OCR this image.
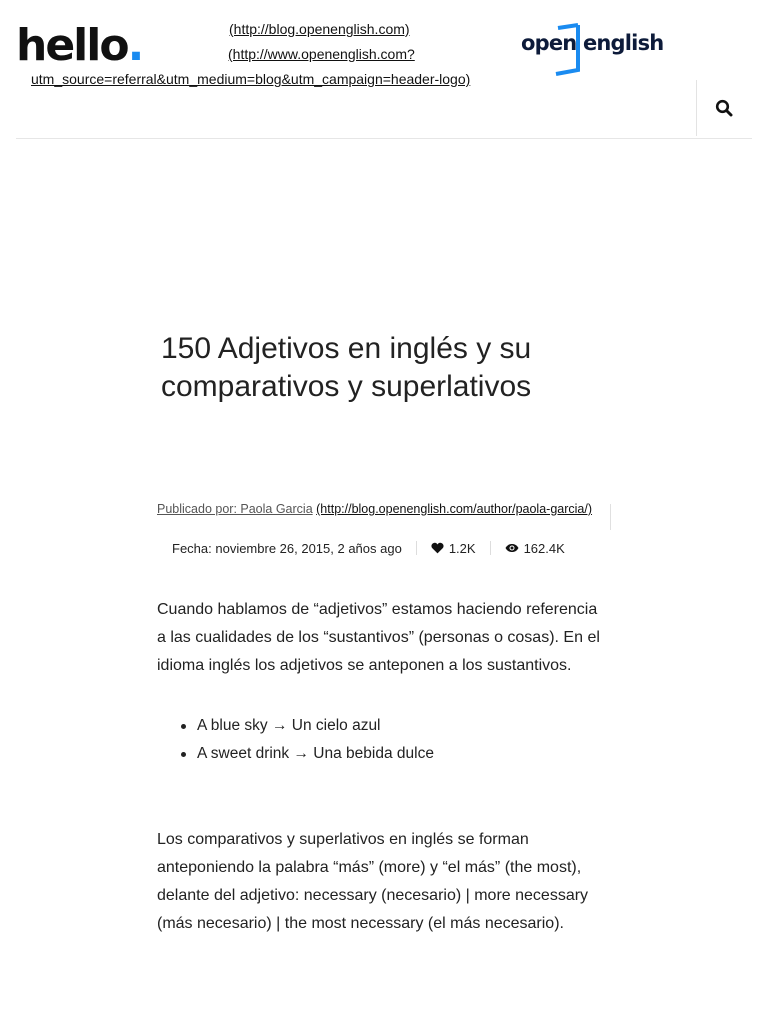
hello.	(http://blog.openenglish.com)
(http://www.openenglish.com?
utm_source=referral&utm_medium=blog&utm_campaign=header-logo)
open english
150 Adjetivos en inglés y su comparativos y superlativos
Publicado por: Paola Garcia (http://blog.openenglish.com/author/paola-garcia/)
Fecha: noviembre 26, 2015, 2 años ago	1.2K	162.4K

Cuando hablamos de “adjetivos” estamos haciendo referencia a las cualidades de los “sustantivos” (personas o cosas). En el idioma inglés los adjetivos se anteponen a los sustantivos.

A blue sky → Un cielo azul
A sweet drink → Una bebida dulce

Los comparativos y superlativos en inglés se forman anteponiendo la palabra “más” (more) y “el más” (the most), delante del adjetivo: necessary (necesario) | more necessary (más necesario) | the most necessary (el más necesario).
